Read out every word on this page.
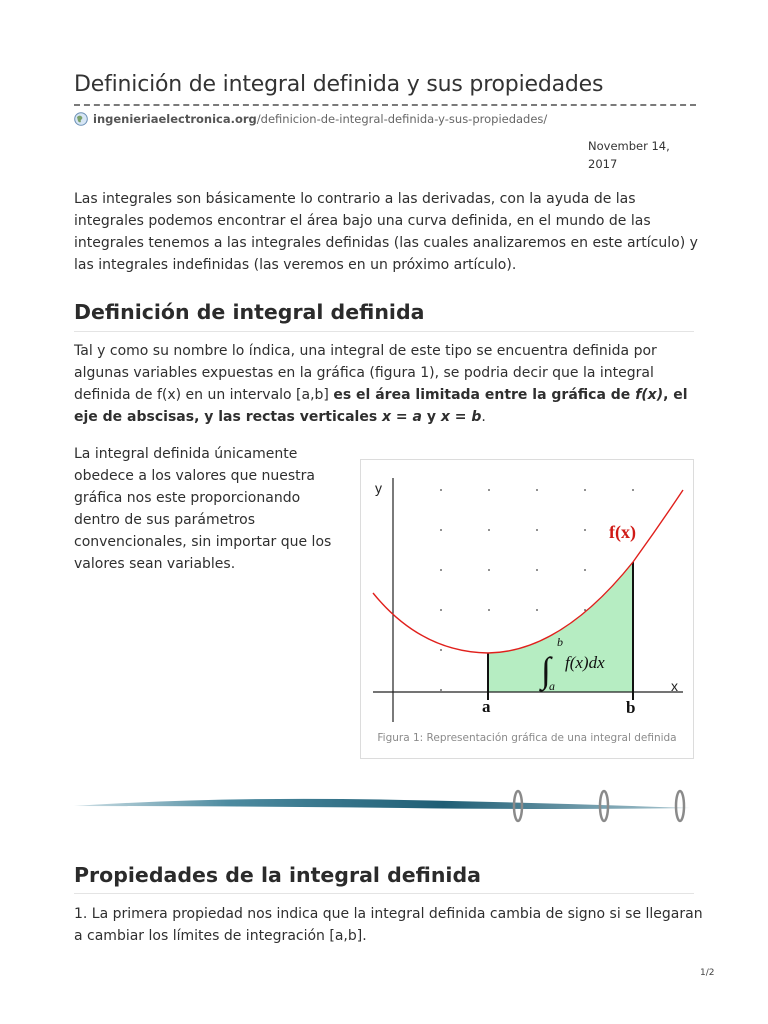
Definición de integral definida y sus propiedades
ingenieriaelectronica.org /definicion-de-integral-definida-y-sus-propiedades/
November 14, 2017

Las integrales son básicamente lo contrario a las derivadas, con la ayuda de las integrales podemos encontrar el área bajo una curva definida, en el mundo de las integrales tenemos a las integrales definidas (las cuales analizaremos en este artículo) y las integrales indefinidas (las veremos en un próximo artículo).

Definición de integral definida

Tal y como su nombre lo índica, una integral de este tipo se encuentra definida por algunas variables expuestas en la gráfica (figura 1), se podria decir que la integral definida de f(x) en un intervalo [a,b] es el área limitada entre la gráfica de f(x), el eje de abscisas, y las rectas verticales x = a y x = b.

La integral definida únicamente obedece a los valores que nuestra gráfica nos este proporcionando dentro de sus parámetros convencionales, sin importar que los valores sean variables.

y
x
a	b
f(x)
∫
b
a
f(x)dx
Figura 1: Representación gráfica de una integral definida
Propiedades de la integral definida

1. La primera propiedad nos indica que la integral definida cambia de signo si se llegaran a cambiar los límites de integración [a,b].

1/2
